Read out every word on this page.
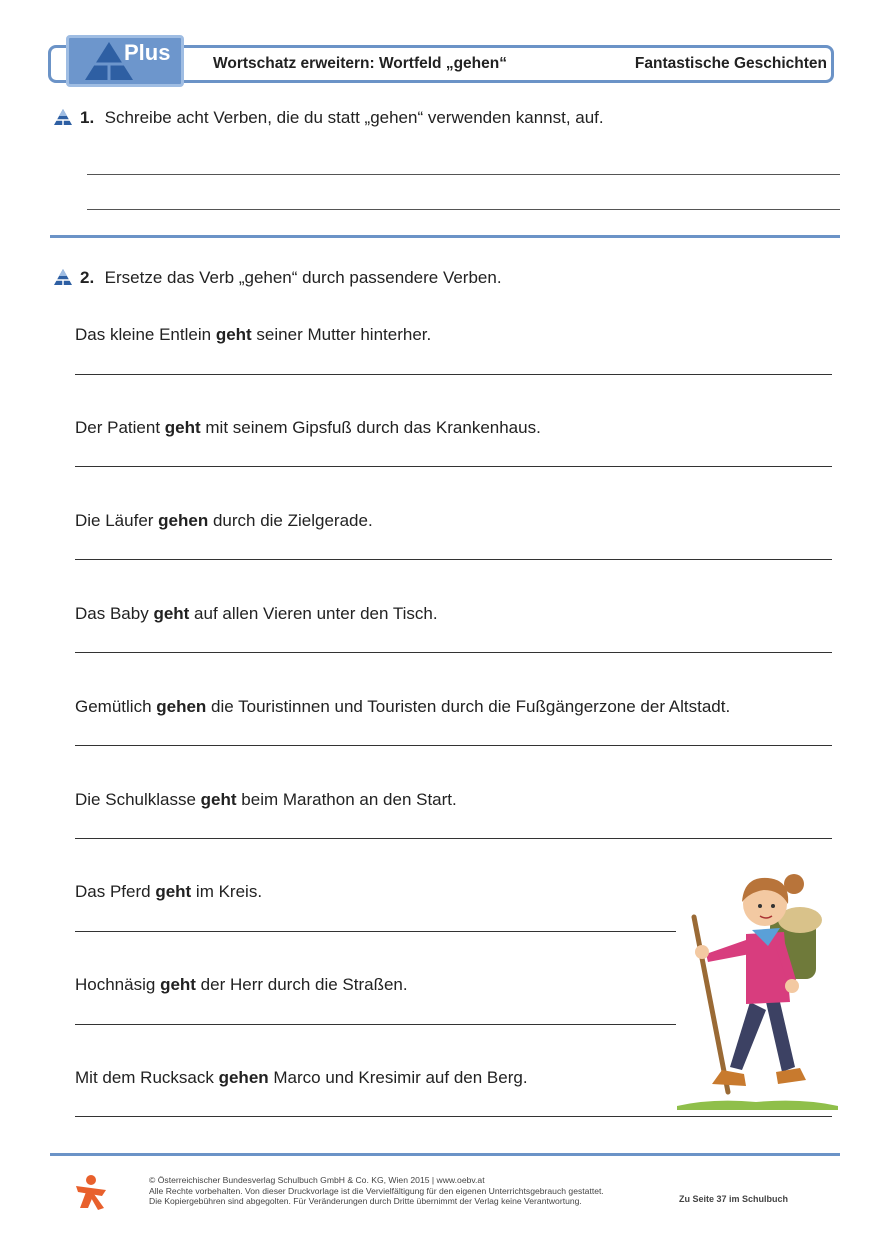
Plus	Wortschatz erweitern: Wortfeld „gehen“	Fantastische Geschichten
1. Schreibe acht Verben, die du statt „gehen“ verwenden kannst, auf.
2. Ersetze das Verb „gehen“ durch passendere Verben.
Das kleine Entlein geht seiner Mutter hinterher.
Der Patient geht mit seinem Gipsfuß durch das Krankenhaus.
Die Läufer gehen durch die Zielgerade.
Das Baby geht auf allen Vieren unter den Tisch.
Gemütlich gehen die Touristinnen und Touristen durch die Fußgängerzone der Altstadt.
Die Schulklasse geht beim Marathon an den Start.
Das Pferd geht im Kreis.
Hochnäsig geht der Herr durch die Straßen.
Mit dem Rucksack gehen Marco und Kresimir auf den Berg.
© Österreichischer Bundesverlag Schulbuch GmbH & Co. KG, Wien 2015 | www.oebv.at
Alle Rechte vorbehalten. Von dieser Druckvorlage ist die Vervielfältigung für den eigenen Unterrichtsgebrauch gestattet.
Die Kopiergebühren sind abgegolten. Für Veränderungen durch Dritte übernimmt der Verlag keine Verantwortung.	Zu Seite 37 im Schulbuch
